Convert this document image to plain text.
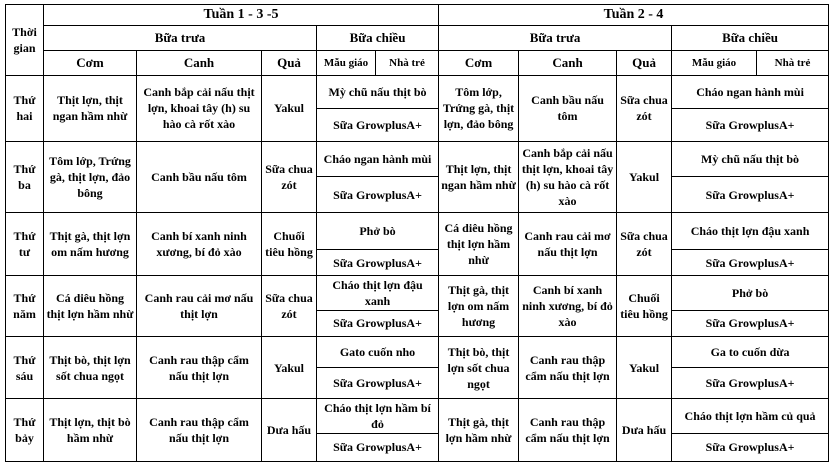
Thời gian	Tuần 1 - 3 -5					Tuần 2 - 4				
	Bữa trưa			Bữa chiều		Bữa trưa			Bữa chiều	
	Cơm	Canh	Quả	Mẫu giáo	Nhà trẻ	Cơm	Canh	Quả	Mẫu giáo	Nhà trẻ
Thứ hai	Thịt lợn, thịt ngan hầm nhừ	Canh bắp cải nấu thịt lợn, khoai tây (h) su hào cà rốt xào	Yakul	Mỳ chũ nấu thịt bò		Tôm lớp, Trứng gà, thịt lợn, đảo bông	Canh bầu nấu tôm	Sữa chua zót	Cháo ngan hành mùi	
				Sữa GrowplusA+					Sữa GrowplusA+	
Thứ ba	Tôm lớp, Trứng gà, thịt lợn, đảo bông	Canh bầu nấu tôm	Sữa chua zót	Cháo ngan hành mùi		Thịt lợn, thịt ngan hầm nhừ	Canh bắp cải nấu thịt lợn, khoai tây (h) su hào cà rốt xào	Yakul	Mỳ chũ nấu thịt bò	
				Sữa GrowplusA+					Sữa GrowplusA+	
Thứ tư	Thịt gà, thịt lợn om nấm hương	Canh bí xanh ninh xương, bí đỏ xào	Chuối tiêu hồng	Phở bò		Cá diêu hồng thịt lợn hầm nhừ	Canh rau cải mơ nấu thịt lợn	Sữa chua zót	Cháo thịt lợn đậu xanh	
				Sữa GrowplusA+					Sữa GrowplusA+	
Thứ năm	Cá diêu hồng thịt lợn hầm nhừ	Canh rau cải mơ nấu thịt lợn	Sữa chua zót	Cháo thịt lợn đậu xanh		Thịt gà, thịt lợn om nấm hương	Canh bí xanh ninh xương, bí đỏ xào	Chuối tiêu hồng	Phở bò	
				Sữa GrowplusA+					Sữa GrowplusA+	
Thứ sáu	Thịt bò, thịt lợn sốt chua ngọt	Canh rau thập cẩm nấu thịt lợn	Yakul	Gato cuốn nho		Thịt bò, thịt lợn sốt chua ngọt	Canh rau thập cẩm nấu thịt lợn	Yakul	Ga to cuốn dừa	
				Sữa GrowplusA+					Sữa GrowplusA+	
Thứ bảy	Thịt lợn, thịt bò hầm nhừ	Canh rau thập cẩm nấu thịt lợn	Dưa hấu	Cháo thịt lợn hầm bí đỏ		Thịt gà, thịt lợn hầm nhừ	Canh rau thập cẩm nấu thịt lợn	Dưa hấu	Cháo thịt lợn hầm củ quả	
				Sữa GrowplusA+					Sữa GrowplusA+	
